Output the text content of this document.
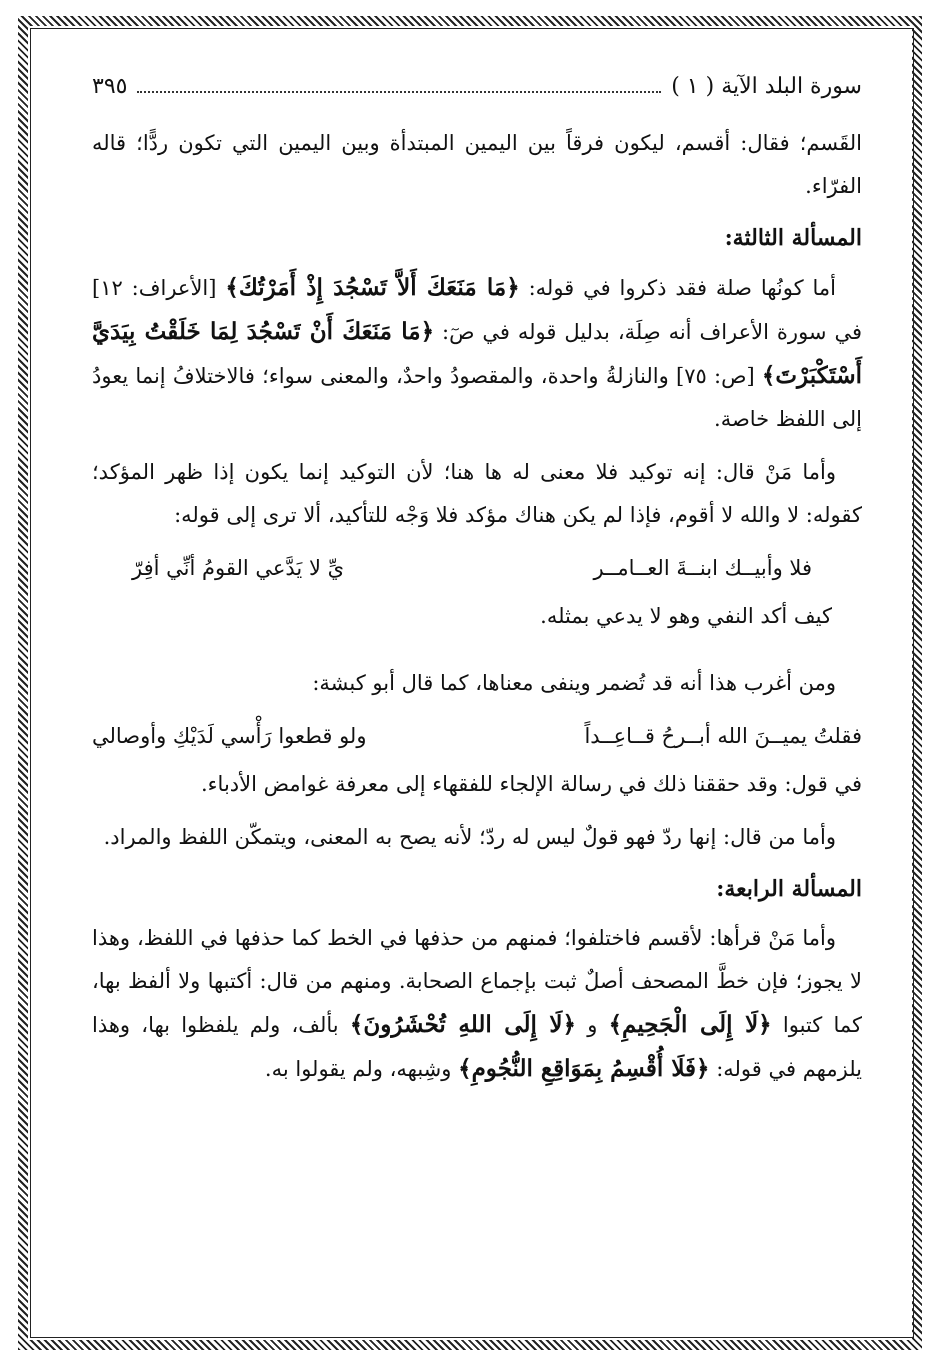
سورة البلد الآية ( ١ )
٣٩٥

القَسم؛ فقال: أقسم، ليكون فرقاً بين اليمين المبتدأة وبين اليمين التي تكون ردًّا؛ قاله الفرّاء.

المسألة الثالثة:

أما كونُها صلة فقد ذكروا في قوله: ﴿مَا مَنَعَكَ أَلاَّ تَسْجُدَ إِذْ أَمَرْتُكَ﴾ [الأعراف: ١٢] في سورة الأعراف أنه صِلَة، بدليل قوله في صٓ: ﴿مَا مَنَعَكَ أَنْ تَسْجُدَ لِمَا خَلَقْتُ بِيَدَيَّ أَسْتَكْبَرْتَ﴾ [ص: ٧٥] والنازلةُ واحدة، والمقصودُ واحدٌ، والمعنى سواء؛ فالاختلافُ إنما يعودُ إلى اللفظ خاصة.

وأما مَنْ قال: إنه توكيد فلا معنى له ها هنا؛ لأن التوكيد إنما يكون إذا ظهر المؤكد؛ كقوله: لا والله لا أقوم، فإذا لم يكن هناك مؤكد فلا وَجْه للتأكيد، ألا ترى إلى قوله:

فلا وأبيــك ابنــةَ العــامــر
يِّ لا يَدَّعي القومُ أنِّي أفِرّ

كيف أكد النفي وهو لا يدعي بمثله.

ومن أغرب هذا أنه قد تُضمر وينفى معناها، كما قال أبو كبشة:

فقلتُ يميــنَ الله أبــرحُ قــاعِــداً
ولو قطعوا رَأْسي لَدَيْكِ وأوصالي

في قول: وقد حققنا ذلك في رسالة الإلجاء للفقهاء إلى معرفة غوامض الأدباء.

وأما من قال: إنها ردّ فهو قولٌ ليس له ردّ؛ لأنه يصح به المعنى، ويتمكّن اللفظ والمراد.

المسألة الرابعة:

وأما مَنْ قرأها: لأقسم فاختلفوا؛ فمنهم من حذفها في الخط كما حذفها في اللفظ، وهذا لا يجوز؛ فإن خطَّ المصحف أصلٌ ثبت بإجماع الصحابة. ومنهم من قال: أكتبها ولا ألفظ بها، كما كتبوا ﴿لَا إِلَى الْجَحِيمِ﴾ و ﴿لَا إِلَى اللهِ تُحْشَرُونَ﴾ بألف، ولم يلفظوا بها، وهذا يلزمهم في قوله: ﴿فَلَا أُقْسِمُ بِمَوَاقِعِ النُّجُومِ﴾ وشِبهه، ولم يقولوا به.
